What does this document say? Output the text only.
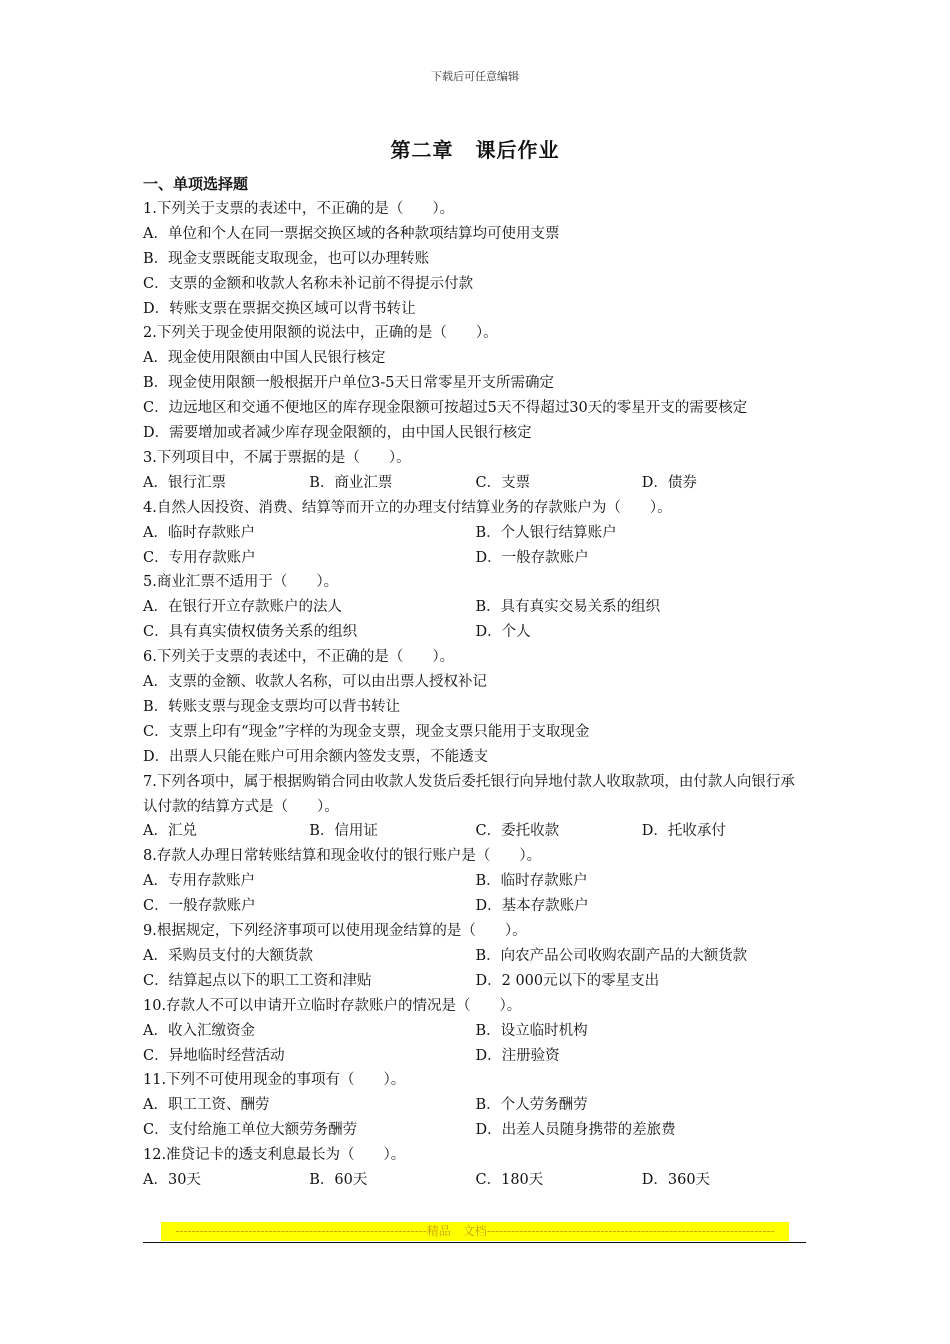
下载后可任意编辑
第二章 课后作业
一、单项选择题
1.下列关于支票的表述中，不正确的是（　　）。
A．单位和个人在同一票据交换区域的各种款项结算均可使用支票
B．现金支票既能支取现金，也可以办理转账
C．支票的金额和收款人名称未补记前不得提示付款
D．转账支票在票据交换区域可以背书转让
2.下列关于现金使用限额的说法中，正确的是（　　）。
A．现金使用限额由中国人民银行核定
B．现金使用限额一般根据开户单位3-5天日常零星开支所需确定
C．边远地区和交通不便地区的库存现金限额可按超过5天不得超过30天的零星开支的需要核定
D．需要增加或者减少库存现金限额的，由中国人民银行核定
3.下列项目中，不属于票据的是（　　）。
A．银行汇票	B．商业汇票	C．支票	D．债券
4.自然人因投资、消费、结算等而开立的办理支付结算业务的存款账户为（　　）。
A．临时存款账户	B．个人银行结算账户
C．专用存款账户	D．一般存款账户
5.商业汇票不适用于（　　）。
A．在银行开立存款账户的法人	B．具有真实交易关系的组织
C．具有真实债权债务关系的组织	D．个人
6.下列关于支票的表述中，不正确的是（　　）。
A．支票的金额、收款人名称，可以由出票人授权补记
B．转账支票与现金支票均可以背书转让
C．支票上印有“现金”字样的为现金支票，现金支票只能用于支取现金
D．出票人只能在账户可用余额内签发支票，不能透支
7.下列各项中，属于根据购销合同由收款人发货后委托银行向异地付款人收取款项，由付款人向银行承认付款的结算方式是（　　）。
A．汇兑	B．信用证	C．委托收款	D．托收承付
8.存款人办理日常转账结算和现金收付的银行账户是（　　）。
A．专用存款账户	B．临时存款账户
C．一般存款账户	D．基本存款账户
9.根据规定，下列经济事项可以使用现金结算的是（　　）。
A．采购员支付的大额货款	B．向农产品公司收购农副产品的大额货款
C．结算起点以下的职工工资和津贴	D．2 000元以下的零星支出
10.存款人不可以申请开立临时存款账户的情况是（　　）。
A．收入汇缴资金	B．设立临时机构
C．异地临时经营活动	D．注册验资
11.下列不可使用现金的事项有（　　）。
A．职工工资、酬劳	B．个人劳务酬劳
C．支付给施工单位大额劳务酬劳	D．出差人员随身携带的差旅费
12.准贷记卡的透支利息最长为（　　）。
A．30天	B．60天	C．180天	D．360天
--------------------------------------------------------------精品　文档-----------------------------------------------------------------------
